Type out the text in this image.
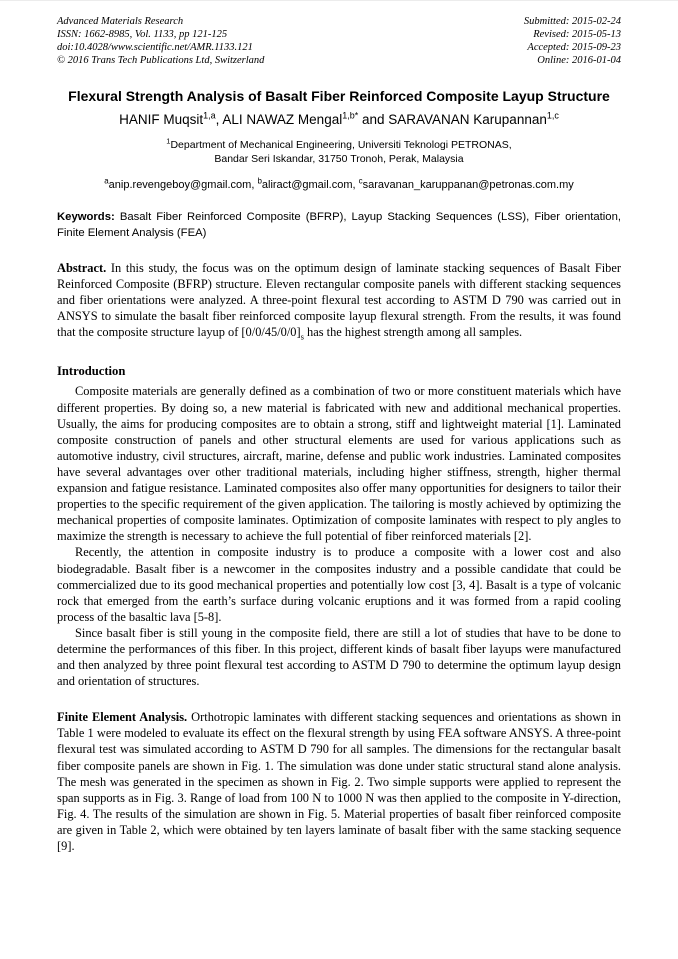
Advanced Materials Research
ISSN: 1662-8985, Vol. 1133, pp 121-125
doi:10.4028/www.scientific.net/AMR.1133.121
© 2016 Trans Tech Publications Ltd, Switzerland
Submitted: 2015-02-24
Revised: 2015-05-13
Accepted: 2015-09-23
Online: 2016-01-04
Flexural Strength Analysis of Basalt Fiber Reinforced Composite Layup Structure
HANIF Muqsit$^{1,a}$, ALI NAWAZ Mengal$^{1,b*}$ and SARAVANAN Karupannan$^{1,c}$
$^1$Department of Mechanical Engineering, Universiti Teknologi PETRONAS,
Bandar Seri Iskandar, 31750 Tronoh, Perak, Malaysia
$^a$anip.revengeboy@gmail.com, $^b$aliract@gmail.com, $^c$saravanan_karuppanan@petronas.com.my
Keywords: Basalt Fiber Reinforced Composite (BFRP), Layup Stacking Sequences (LSS), Fiber orientation, Finite Element Analysis (FEA)

Abstract. In this study, the focus was on the optimum design of laminate stacking sequences of Basalt Fiber Reinforced Composite (BFRP) structure. Eleven rectangular composite panels with different stacking sequences and fiber orientations were analyzed. A three-point flexural test according to ASTM D 790 was carried out in ANSYS to simulate the basalt fiber reinforced composite layup flexural strength. From the results, it was found that the composite structure layup of $[0/0/45/0/0]_s$ has the highest strength among all samples.

Introduction

Composite materials are generally defined as a combination of two or more constituent materials which have different properties. By doing so, a new material is fabricated with new and additional mechanical properties. Usually, the aims for producing composites are to obtain a strong, stiff and lightweight material [1]. Laminated composite construction of panels and other structural elements are used for various applications such as automotive industry, civil structures, aircraft, marine, defense and public work industries. Laminated composites have several advantages over other traditional materials, including higher stiffness, strength, higher thermal expansion and fatigue resistance. Laminated composites also offer many opportunities for designers to tailor their properties to the specific requirement of the given application. The tailoring is mostly achieved by optimizing the mechanical properties of composite laminates. Optimization of composite laminates with respect to ply angles to maximize the strength is necessary to achieve the full potential of fiber reinforced materials [2].

Recently, the attention in composite industry is to produce a composite with a lower cost and also biodegradable. Basalt fiber is a newcomer in the composites industry and a possible candidate that could be commercialized due to its good mechanical properties and potentially low cost [3, 4]. Basalt is a type of volcanic rock that emerged from the earth’s surface during volcanic eruptions and it was formed from a rapid cooling process of the basaltic lava [5-8].

Since basalt fiber is still young in the composite field, there are still a lot of studies that have to be done to determine the performances of this fiber. In this project, different kinds of basalt fiber layups were manufactured and then analyzed by three point flexural test according to ASTM D 790 to determine the optimum layup design and orientation of structures.

Finite Element Analysis. Orthotropic laminates with different stacking sequences and orientations as shown in Table 1 were modeled to evaluate its effect on the flexural strength by using FEA software ANSYS. A three-point flexural test was simulated according to ASTM D 790 for all samples. The dimensions for the rectangular basalt fiber composite panels are shown in Fig. 1. The simulation was done under static structural stand alone analysis. The mesh was generated in the specimen as shown in Fig. 2. Two simple supports were applied to represent the span supports as in Fig. 3. Range of load from 100 N to 1000 N was then applied to the composite in Y-direction, Fig. 4. The results of the simulation are shown in Fig. 5. Material properties of basalt fiber reinforced composite are given in Table 2, which were obtained by ten layers laminate of basalt fiber with the same stacking sequence [9].
